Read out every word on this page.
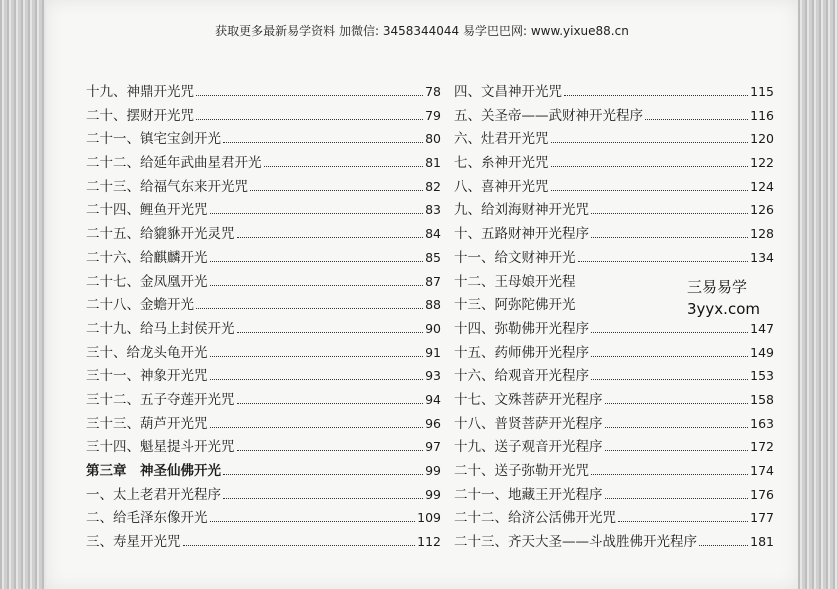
获取更多最新易学资料 加微信: 3458344044 易学巴巴网: www.yixue88.cn
十九、神鼎开光咒	78
二十、摆财开光咒	79
二十一、镇宅宝剑开光	80
二十二、给延年武曲星君开光	81
二十三、给福气东来开光咒	82
二十四、鲤鱼开光咒	83
二十五、给貔貅开光灵咒	84
二十六、给麒麟开光	85
二十七、金凤凰开光	87
二十八、金蟾开光	88
二十九、给马上封侯开光	90
三十、给龙头龟开光	91
三十一、神象开光咒	93
三十二、五子夺莲开光咒	94
三十三、葫芦开光咒	96
三十四、魁星提斗开光咒	97
第三章　神圣仙佛开光	99
一、太上老君开光程序	99
二、给毛泽东像开光	109
三、寿星开光咒	112
四、文昌神开光咒	115
五、关圣帝——武财神开光程序	116
六、灶君开光咒	120
七、糸神开光咒	122
八、喜神开光咒	124
九、给刘海财神开光咒	126
十、五路财神开光程序	128
十一、给文财神开光	134
十二、王母娘开光程
十三、阿弥陀佛开光
十四、弥勒佛开光程序	147
十五、药师佛开光程序	149
十六、给观音开光程序	153
十七、文殊菩萨开光程序	158
十八、普贤菩萨开光程序	163
十九、送子观音开光程序	172
二十、送子弥勒开光咒	174
二十一、地藏王开光程序	176
二十二、给济公活佛开光咒	177
二十三、齐天大圣——斗战胜佛开光程序	181
三易易学
3yyx.com
